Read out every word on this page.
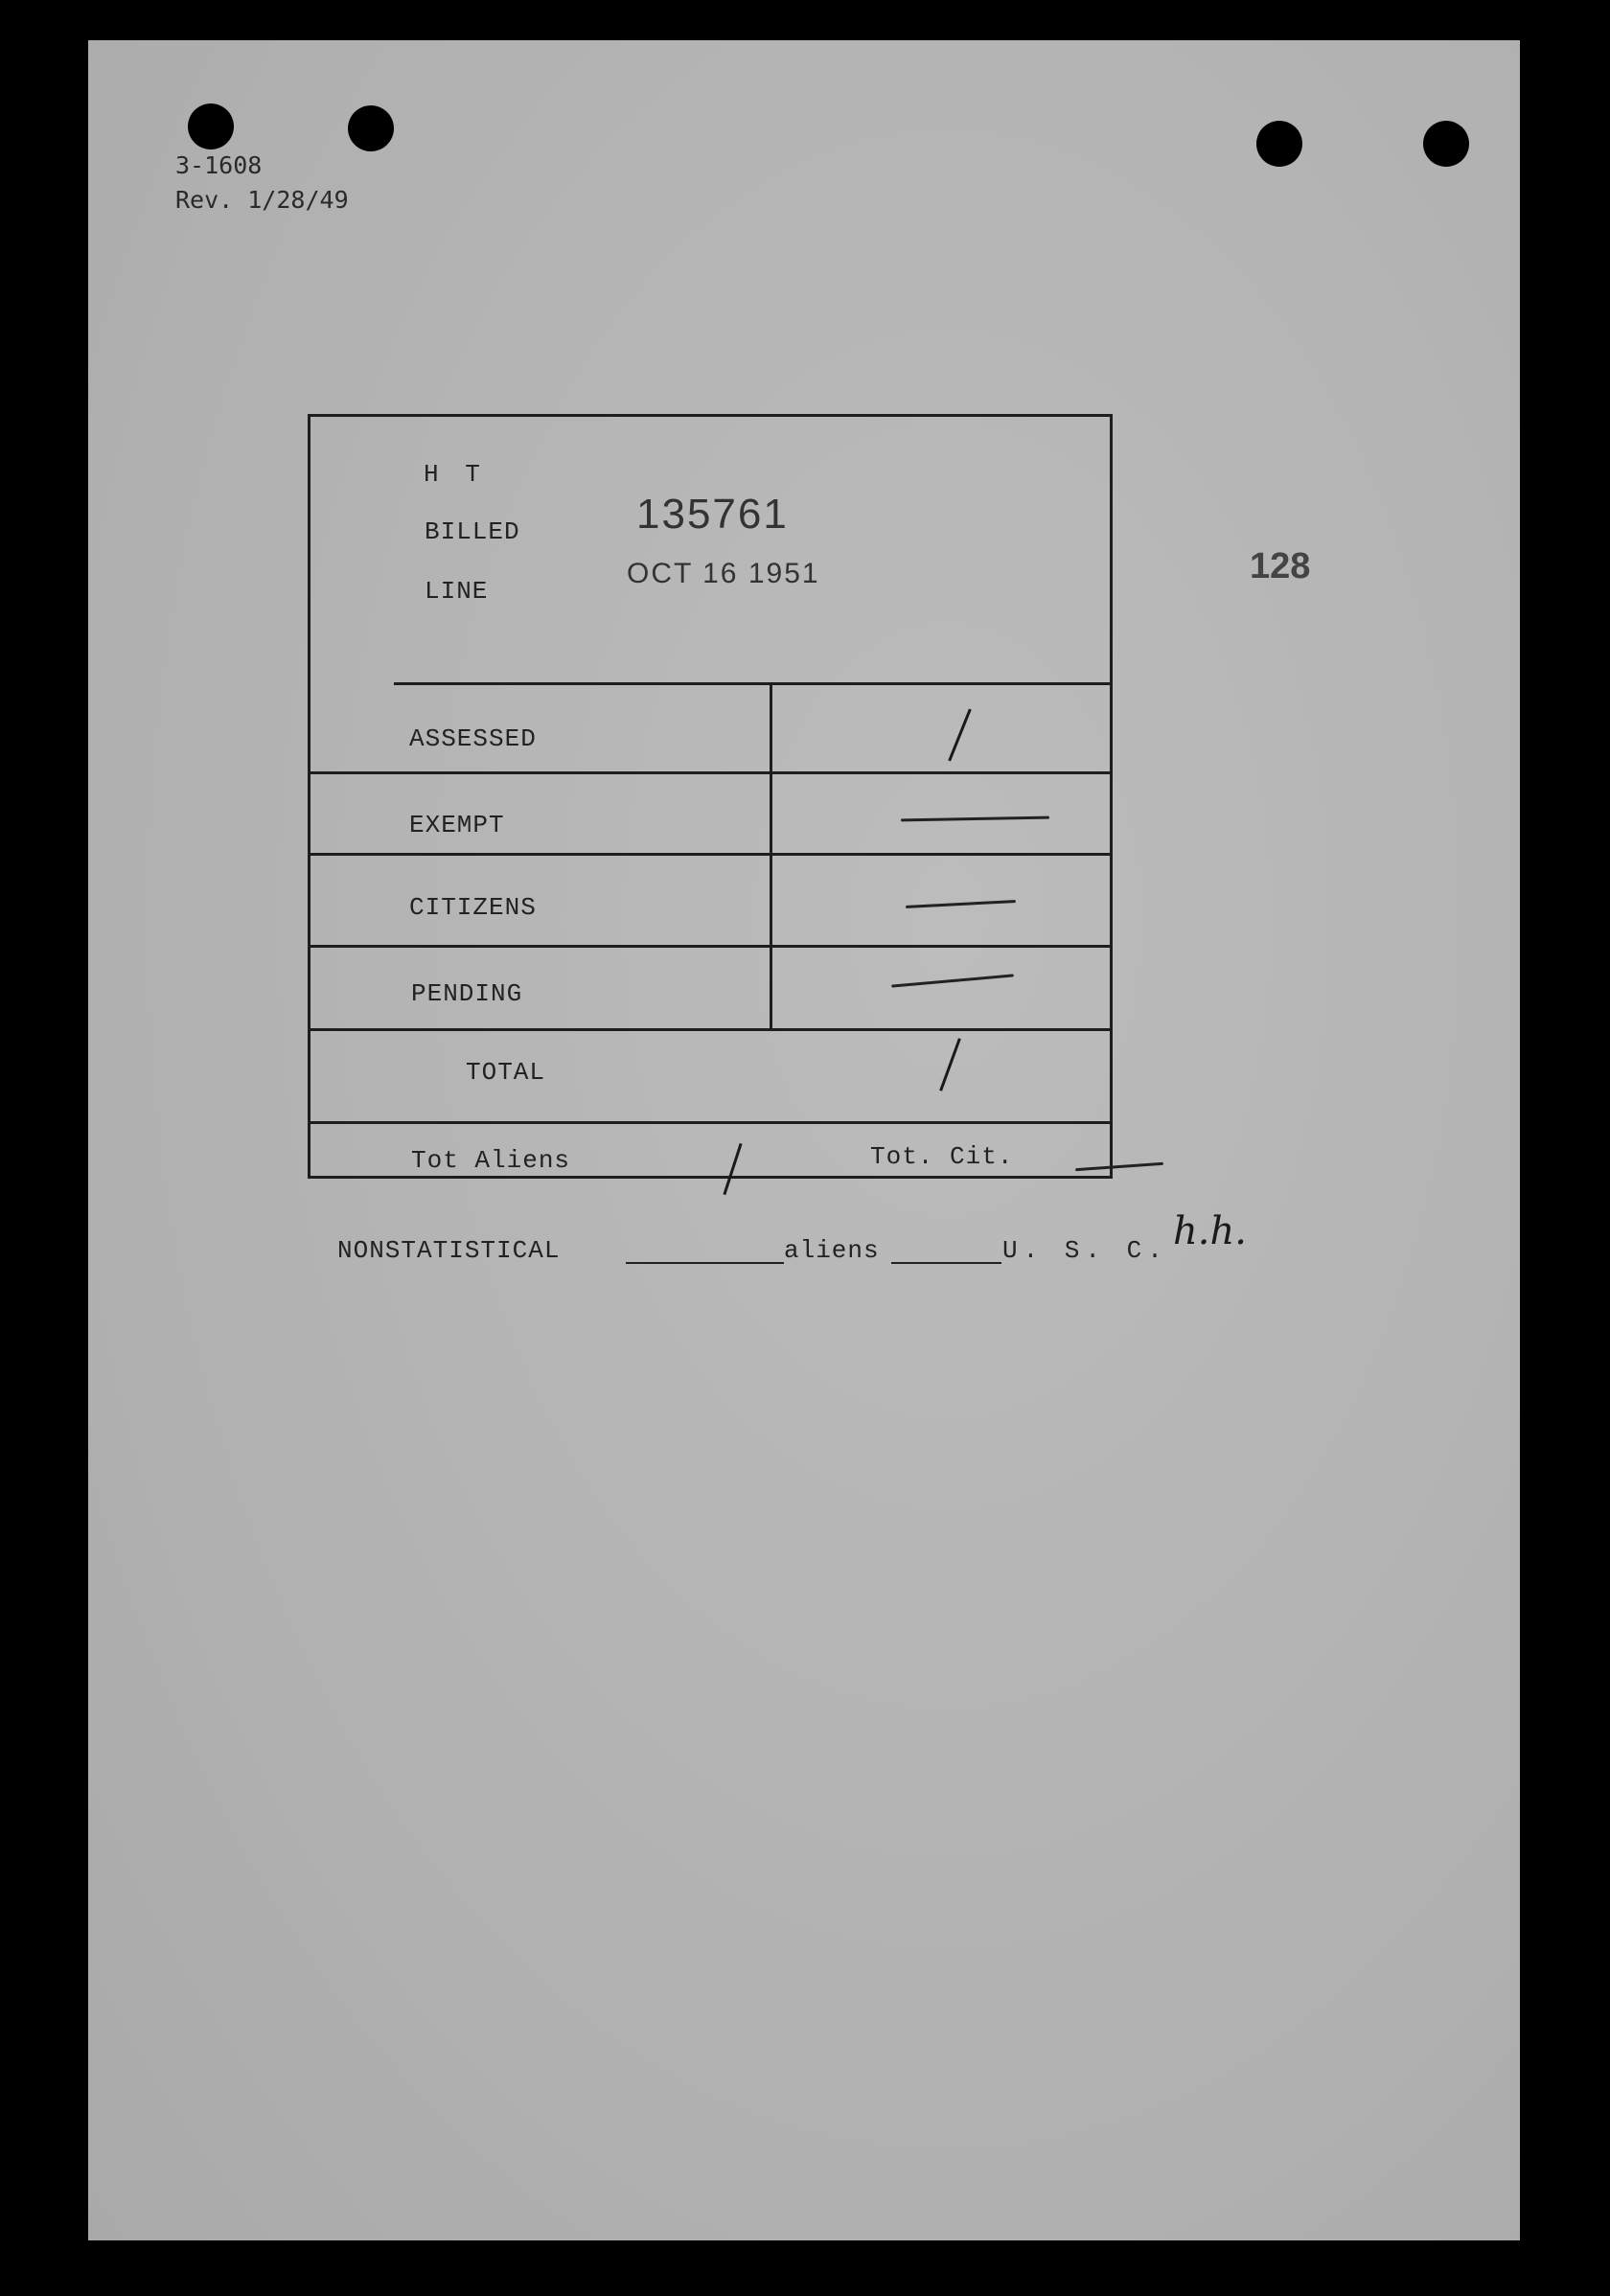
3-1608
Rev. 1/28/49
128
H T
BILLED
LINE
135761
OCT 16 1951
ASSESSED
EXEMPT
CITIZENS
PENDING
TOTAL
Tot Aliens	Tot. Cit.
NONSTATISTICAL	aliens	U. S. C. h.h.
